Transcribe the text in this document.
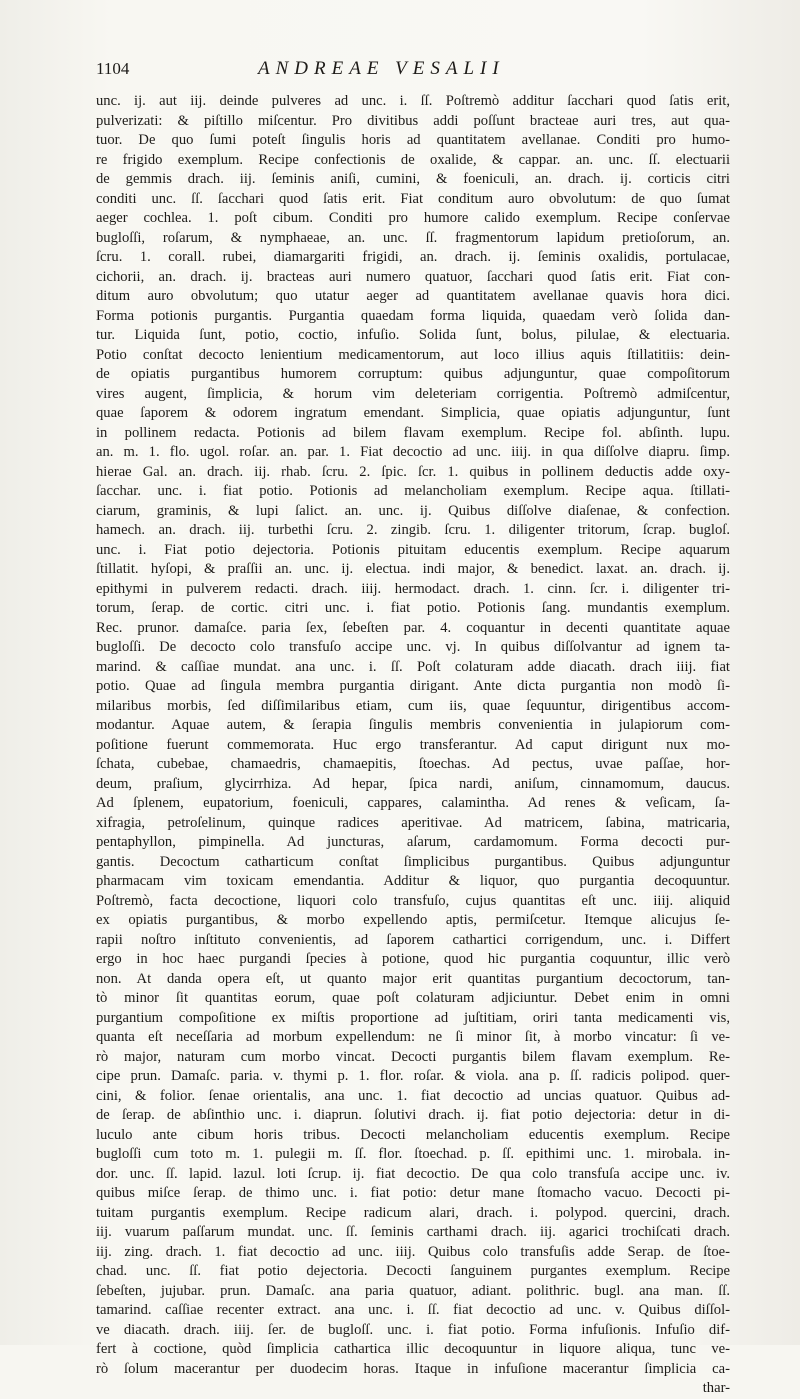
1104	ANDREAE VESALII
unc. ij. aut iij. deinde pulveres ad unc. i. ſſ. Poſtremò additur ſacchari quod ſatis erit,
pulverizati: & piſtillo miſcentur. Pro divitibus addi poſſunt bracteae auri tres, aut qua-
tuor. De quo ſumi poteſt ſingulis horis ad quantitatem avellanae. Conditi pro humo-
re frigido exemplum. Recipe confectionis de oxalide, & cappar. an. unc. ſſ. electuarii
de gemmis drach. iij. ſeminis aniſi, cumini, & foeniculi, an. drach. ij. corticis citri
conditi unc. ſſ. ſacchari quod ſatis erit. Fiat conditum auro obvolutum: de quo ſumat
aeger cochlea. 1. poſt cibum. Conditi pro humore calido exemplum. Recipe conſervae
bugloſſi, roſarum, & nymphaeae, an. unc. ſſ. fragmentorum lapidum pretioſorum, an.
ſcru. 1. corall. rubei, diamargariti frigidi, an. drach. ij. ſeminis oxalidis, portulacae,
cichorii, an. drach. ij. bracteas auri numero quatuor, ſacchari quod ſatis erit. Fiat con-
ditum auro obvolutum; quo utatur aeger ad quantitatem avellanae quavis hora dici.
Forma potionis purgantis. Purgantia quaedam forma liquida, quaedam verò ſolida dan-
tur. Liquida ſunt, potio, coctio, infuſio. Solida ſunt, bolus, pilulae, & electuaria.
Potio conſtat decocto lenientium medicamentorum, aut loco illius aquis ſtillatitiis: dein-
de opiatis purgantibus humorem corruptum: quibus adjunguntur, quae compoſitorum
vires augent, ſimplicia, & horum vim deleteriam corrigentia. Poſtremò admiſcentur,
quae ſaporem & odorem ingratum emendant. Simplicia, quae opiatis adjunguntur, ſunt
in pollinem redacta. Potionis ad bilem flavam exemplum. Recipe fol. abſinth. lupu.
an. m. 1. flo. ugol. roſar. an. par. 1. Fiat decoctio ad unc. iiij. in qua diſſolve diapru. ſimp.
hierae Gal. an. drach. iij. rhab. ſcru. 2. ſpic. ſcr. 1. quibus in pollinem deductis adde oxy-
ſacchar. unc. i. fiat potio. Potionis ad melancholiam exemplum. Recipe aqua. ſtillati-
ciarum, graminis, & lupi ſalict. an. unc. ij. Quibus diſſolve diaſenae, & confection.
hamech. an. drach. iij. turbethi ſcru. 2. zingib. ſcru. 1. diligenter tritorum, ſcrap. bugloſ.
unc. i. Fiat potio dejectoria. Potionis pituitam educentis exemplum. Recipe aquarum
ſtillatit. hyſopi, & praſſii an. unc. ij. electua. indi major, & benedict. laxat. an. drach. ij.
epithymi in pulverem redacti. drach. iiij. hermodact. drach. 1. cinn. ſcr. i. diligenter tri-
torum, ſerap. de cortic. citri unc. i. fiat potio. Potionis ſang. mundantis exemplum.
Rec. prunor. damaſce. paria ſex, ſebeſten par. 4. coquantur in decenti quantitate aquae
bugloſſi. De decocto colo transfuſo accipe unc. vj. In quibus diſſolvantur ad ignem ta-
marind. & caſſiae mundat. ana unc. i. ſſ. Poſt colaturam adde diacath. drach iiij. fiat
potio. Quae ad ſingula membra purgantia dirigant. Ante dicta purgantia non modò ſi-
milaribus morbis, ſed diſſimilaribus etiam, cum iis, quae ſequuntur, dirigentibus accom-
modantur. Aquae autem, & ſerapia ſingulis membris convenientia in julapiorum com-
poſitione fuerunt commemorata. Huc ergo transferantur. Ad caput dirigunt nux mo-
ſchata, cubebae, chamaedris, chamaepitis, ſtoechas. Ad pectus, uvae paſſae, hor-
deum, praſium, glycirrhiza. Ad hepar, ſpica nardi, aniſum, cinnamomum, daucus.
Ad ſplenem, eupatorium, foeniculi, cappares, calamintha. Ad renes & veſicam, ſa-
xifragia, petroſelinum, quinque radices aperitivae. Ad matricem, ſabina, matricaria,
pentaphyllon, pimpinella. Ad juncturas, aſarum, cardamomum. Forma decocti pur-
gantis. Decoctum catharticum conſtat ſimplicibus purgantibus. Quibus adjunguntur
pharmacam vim toxicam emendantia. Additur & liquor, quo purgantia decoquuntur.
Poſtremò, facta decoctione, liquori colo transfuſo, cujus quantitas eſt unc. iiij. aliquid
ex opiatis purgantibus, & morbo expellendo aptis, permiſcetur. Itemque alicujus ſe-
rapii noſtro inſtituto convenientis, ad ſaporem cathartici corrigendum, unc. i. Differt
ergo in hoc haec purgandi ſpecies à potione, quod hic purgantia coquuntur, illic verò
non. At danda opera eſt, ut quanto major erit quantitas purgantium decoctorum, tan-
tò minor ſit quantitas eorum, quae poſt colaturam adjiciuntur. Debet enim in omni
purgantium compoſitione ex miſtis proportione ad juſtitiam, oriri tanta medicamenti vis,
quanta eſt neceſſaria ad morbum expellendum: ne ſi minor ſit, à morbo vincatur: ſi ve-
rò major, naturam cum morbo vincat. Decocti purgantis bilem flavam exemplum. Re-
cipe prun. Damaſc. paria. v. thymi p. 1. flor. roſar. & viola. ana p. ſſ. radicis polipod. quer-
cini, & folior. ſenae orientalis, ana unc. 1. fiat decoctio ad uncias quatuor. Quibus ad-
de ſerap. de abſinthio unc. i. diaprun. ſolutivi drach. ij. fiat potio dejectoria: detur in di-
luculo ante cibum horis tribus. Decocti melancholiam educentis exemplum. Recipe
bugloſſi cum toto m. 1. pulegii m. ſſ. flor. ſtoechad. p. ſſ. epithimi unc. 1. mirobala. in-
dor. unc. ſſ. lapid. lazul. loti ſcrup. ij. fiat decoctio. De qua colo transfuſa accipe unc. iv.
quibus miſce ſerap. de thimo unc. i. fiat potio: detur mane ſtomacho vacuo. Decocti pi-
tuitam purgantis exemplum. Recipe radicum alari, drach. i. polypod. quercini, drach.
iij. vuarum paſſarum mundat. unc. ſſ. ſeminis carthami drach. iij. agarici trochiſcati drach.
iij. zing. drach. 1. fiat decoctio ad unc. iiij. Quibus colo transfuſis adde Serap. de ſtoe-
chad. unc. ſſ. fiat potio dejectoria. Decocti ſanguinem purgantes exemplum. Recipe
ſebeſten, jujubar. prun. Damaſc. ana paria quatuor, adiant. polithric. bugl. ana man. ſſ.
tamarind. caſſiae recenter extract. ana unc. i. ſſ. fiat decoctio ad unc. v. Quibus diſſol-
ve diacath. drach. iiij. ſer. de bugloſſ. unc. i. fiat potio. Forma infuſionis. Infuſio dif-
fert à coctione, quòd ſimplicia cathartica illic decoquuntur in liquore aliqua, tunc ve-
rò ſolum macerantur per duodecim horas. Itaque in infuſione macerantur ſimplicia ca-
thar-
